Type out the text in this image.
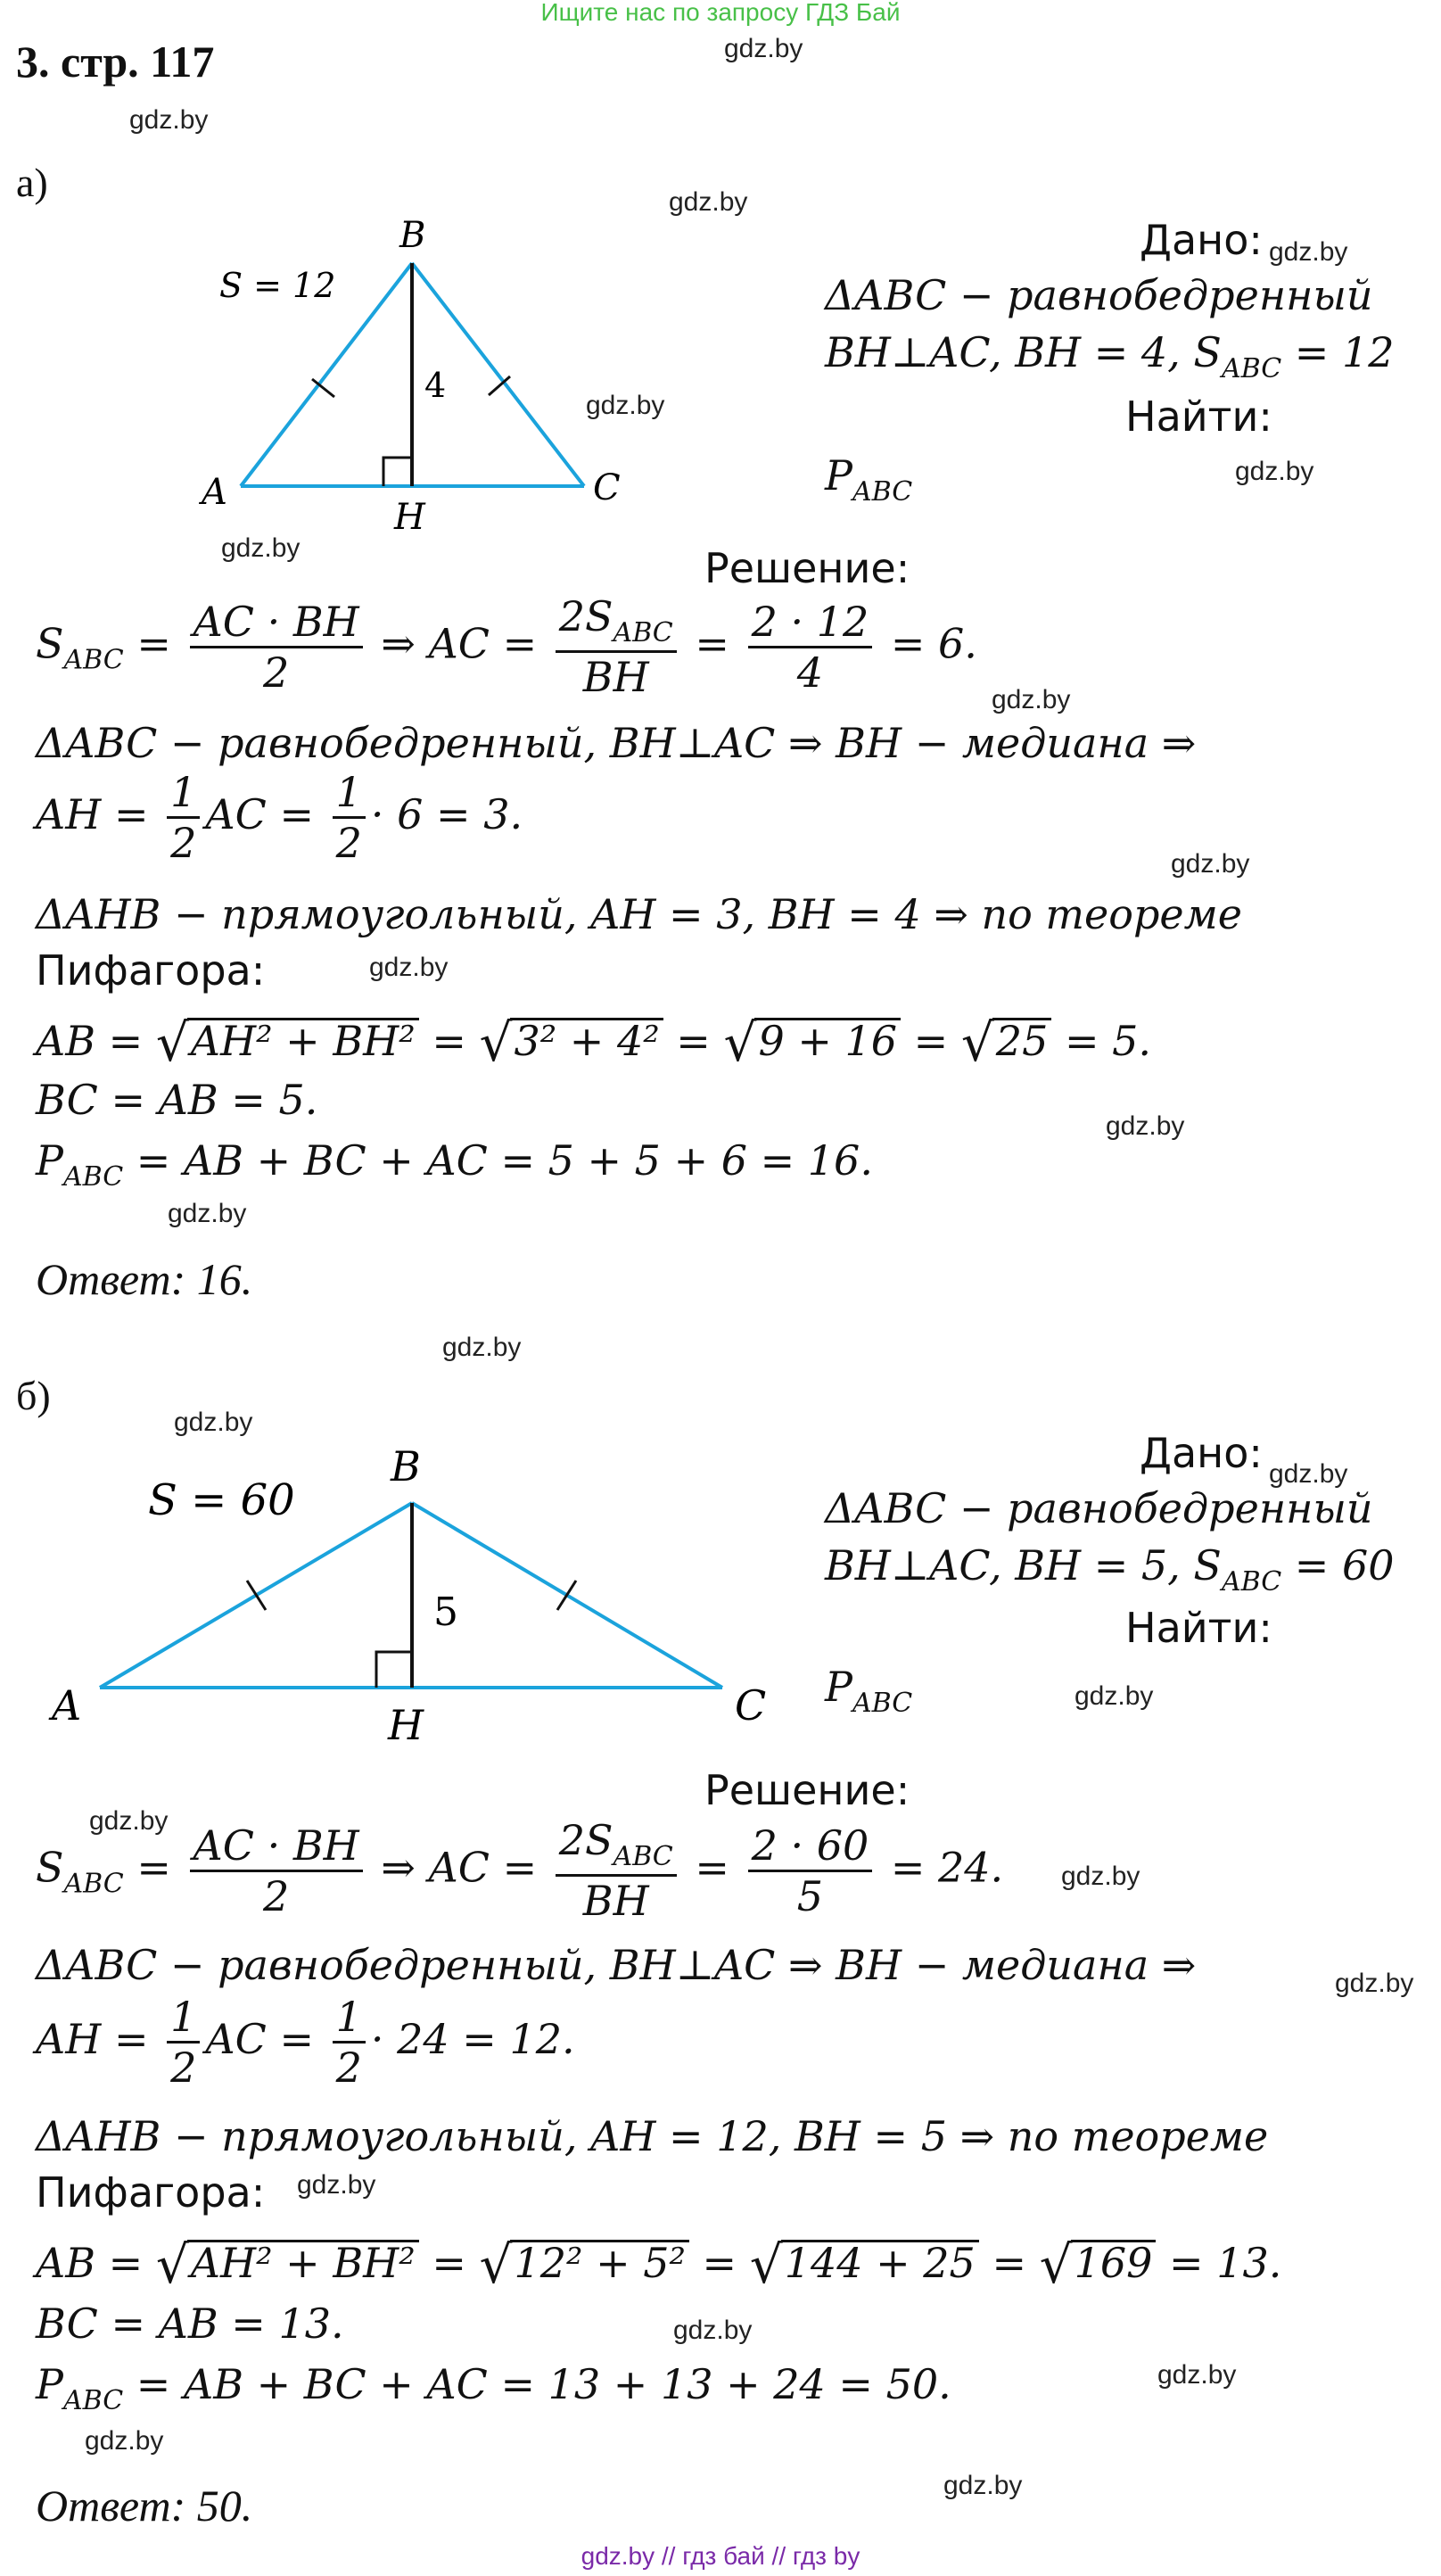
Ищите нас по запросу ГДЗ Бай
3. стр. 117	gdz.by
gdz.by
gdz.by
gdz.by
gdz.by
gdz.by
gdz.by
gdz.by
gdz.by
gdz.by
gdz.by
gdz.by
gdz.by
gdz.by
gdz.by
gdz.by
gdz.by
gdz.by
gdz.by
gdz.by
gdz.by
gdz.by
gdz.by
gdz.by
а)
B
A	C
H
4
S = 12
Дано:
ΔABC − равнобедренный
BH⊥AC, BH = 4, $S_{ABC} = 12$
Найти:
$P_{ABC}$
Решение:
$S_{ABC} = \frac{AC \cdot BH}{2}$ ⇒ AC = $\frac{2S_{ABC}}{BH} = \frac{2 \cdot 12}{4} = 6$.
ΔABC − равнобедренный, BH⊥AC ⇒ BH − медиана ⇒
AH = $\frac{1}{2}$ AC = $\frac{1}{2} \cdot 6 = 3$.
ΔAHB − прямоугольный, AH = 3, BH = 4 ⇒ по теореме
Пифагора:
AB = √AH² + BH² = √3² + 4² = √9 + 16 = √25 = 5.
BC = AB = 5.
$P_{ABC}$ = AB + BC + AC = 5 + 5 + 6 = 16.
Ответ: 16.
б)
B
A	C
H
5
S = 60
Дано:
ΔABC − равнобедренный
BH⊥AC, BH = 5, $S_{ABC} = 60$
Найти:
$P_{ABC}$
Решение:
$S_{ABC} = \frac{AC \cdot BH}{2}$ ⇒ AC = $\frac{2S_{ABC}}{BH} = \frac{2 \cdot 60}{5} = 24$.
ΔABC − равнобедренный, BH⊥AC ⇒ BH − медиана ⇒
AH = $\frac{1}{2}$ AC = $\frac{1}{2} \cdot 24 = 12$.
ΔAHB − прямоугольный, AH = 12, BH = 5 ⇒ по теореме
Пифагора:
AB = √AH² + BH² = √12² + 5² = √144 + 25 = √169 = 13.
BC = AB = 13.
$P_{ABC}$ = AB + BC + AC = 13 + 13 + 24 = 50.
Ответ: 50.
gdz.by // гдз бай // гдз by
